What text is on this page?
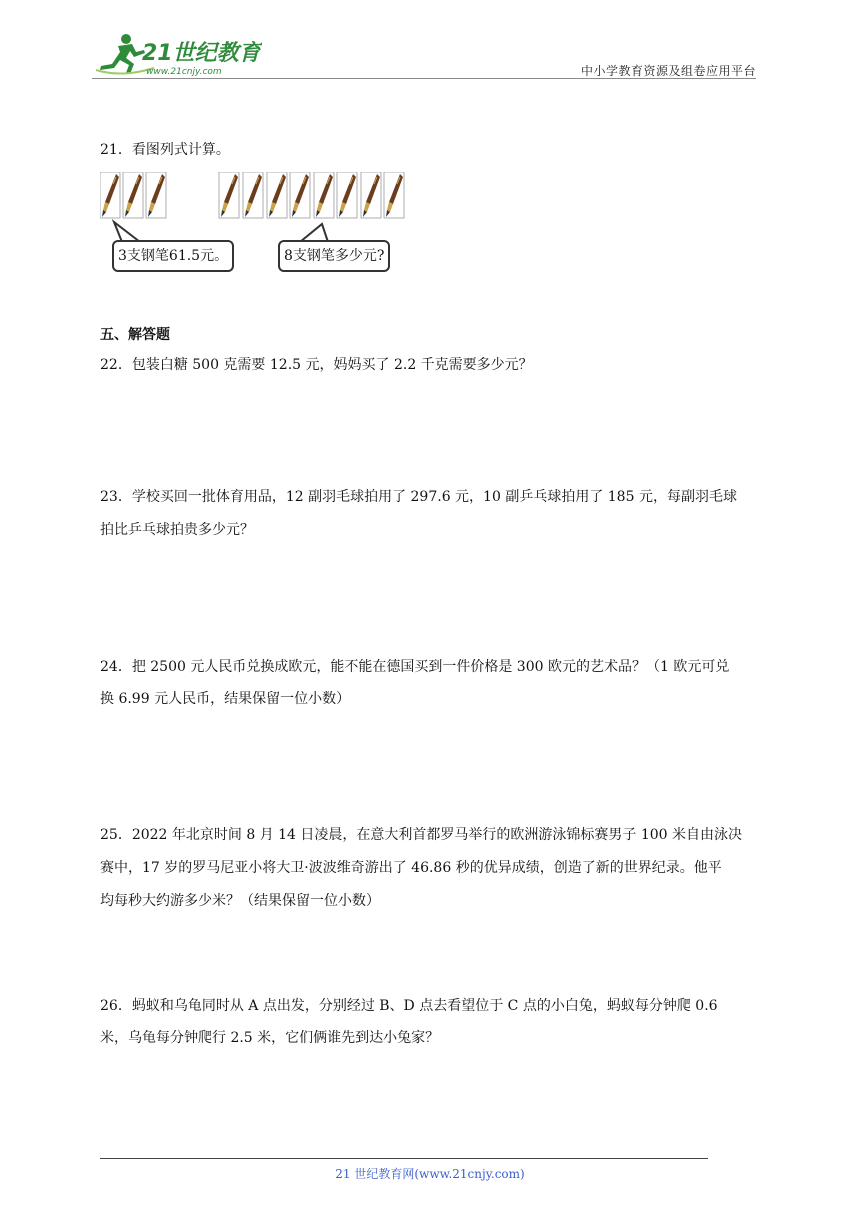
21世纪教育
www.21cnjy.com	中小学教育资源及组卷应用平台
21．看图列式计算。
3支钢笔61.5元。	8支钢笔多少元?
五、解答题
22．包装白糖 500 克需要 12.5 元，妈妈买了 2.2 千克需要多少元？
23．学校买回一批体育用品，12 副羽毛球拍用了 297.6 元，10 副乒乓球拍用了 185 元，每副羽毛球
拍比乒乓球拍贵多少元？
24．把 2500 元人民币兑换成欧元，能不能在德国买到一件价格是 300 欧元的艺术品？（1 欧元可兑
换 6.99 元人民币，结果保留一位小数）
25．2022 年北京时间 8 月 14 日凌晨，在意大利首都罗马举行的欧洲游泳锦标赛男子 100 米自由泳决
赛中，17 岁的罗马尼亚小将大卫·波波维奇游出了 46.86 秒的优异成绩，创造了新的世界纪录。他平
均每秒大约游多少米？（结果保留一位小数）
26．蚂蚁和乌龟同时从 A 点出发，分别经过 B、D 点去看望位于 C 点的小白兔，蚂蚁每分钟爬 0.6
米，乌龟每分钟爬行 2.5 米，它们俩谁先到达小兔家？
21 世纪教育网(www.21cnjy.com)
